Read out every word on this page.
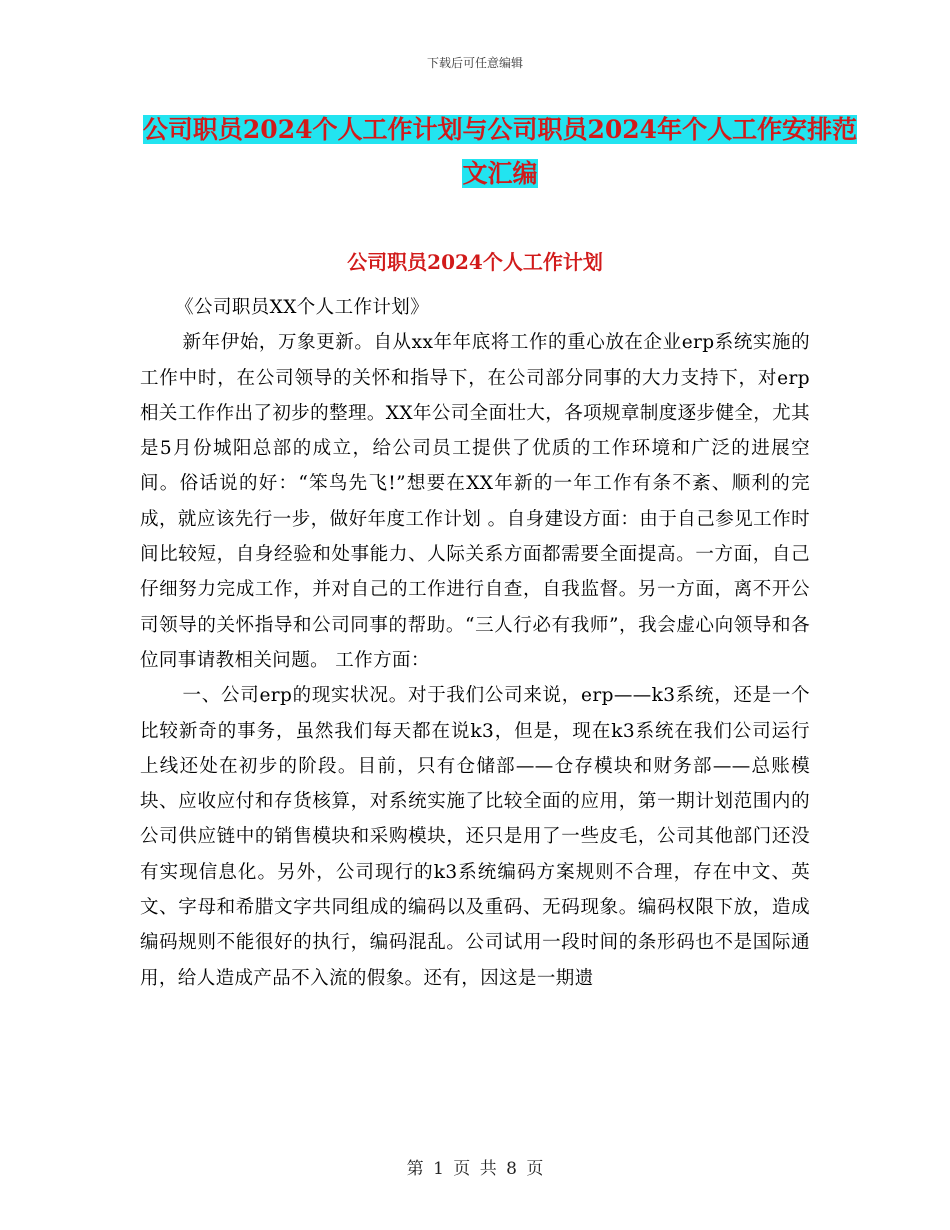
下载后可任意编辑
公司职员2024个人工作计划与公司职员2024年个人工作安排范文汇编
公司职员2024个人工作计划

《公司职员XX个人工作计划》

新年伊始，万象更新。自从xx年年底将工作的重心放在企业erp系统实施的工作中时，在公司领导的关怀和指导下，在公司部分同事的大力支持下，对erp相关工作作出了初步的整理。XX年公司全面壮大，各项规章制度逐步健全，尤其是5月份城阳总部的成立，给公司员工提供了优质的工作环境和广泛的进展空间。俗话说的好：“笨鸟先飞!”想要在XX年新的一年工作有条不紊、顺利的完成，就应该先行一步，做好年度工作计划 。自身建设方面：由于自己参见工作时间比较短，自身经验和处事能力、人际关系方面都需要全面提高。一方面，自己仔细努力完成工作，并对自己的工作进行自查，自我监督。另一方面，离不开公司领导的关怀指导和公司同事的帮助。“三人行必有我师”，我会虚心向领导和各位同事请教相关问题。 工作方面：

一、公司erp的现实状况。对于我们公司来说，erp——k3系统，还是一个比较新奇的事务，虽然我们每天都在说k3，但是，现在k3系统在我们公司运行上线还处在初步的阶段。目前，只有仓储部——仓存模块和财务部——总账模块、应收应付和存货核算，对系统实施了比较全面的应用，第一期计划范围内的公司供应链中的销售模块和采购模块，还只是用了一些皮毛，公司其他部门还没有实现信息化。另外，公司现行的k3系统编码方案规则不合理，存在中文、英文、字母和希腊文字共同组成的编码以及重码、无码现象。编码权限下放，造成编码规则不能很好的执行，编码混乱。公司试用一段时间的条形码也不是国际通用，给人造成产品不入流的假象。还有，因这是一期遗

第 1 页 共 8 页
